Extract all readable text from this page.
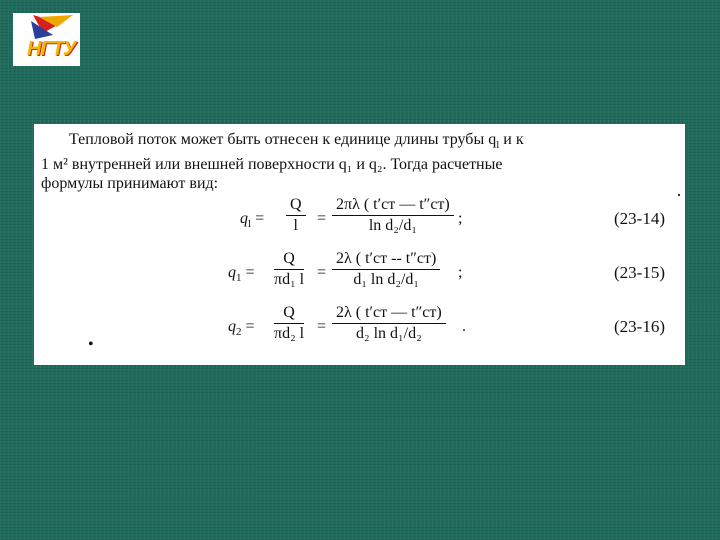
НГТУ
Тепловой поток может быть отнесен к единице длины трубы $q_l$ и к
1 м² внутренней или внешней поверхности q₁ и q₂. Тогда расчетные
формулы принимают вид:
$q_l = \frac{Q}{l}$ =
2πλ ( t′ст — t″ст)
ln d₂/d₁	;	(23-14)
$q_1 = \frac{Q}{\text{πd₁ l}}$ =
2λ ( t′ст -- t″ст)
d₁ ln d₂/d₁	;	(23-15)
$q_2 = \frac{Q}{\text{πd₂ l}}$ =
2λ ( t′ст — t″ст)
d₂ ln d₁/d₂	.	(23-16)
•
